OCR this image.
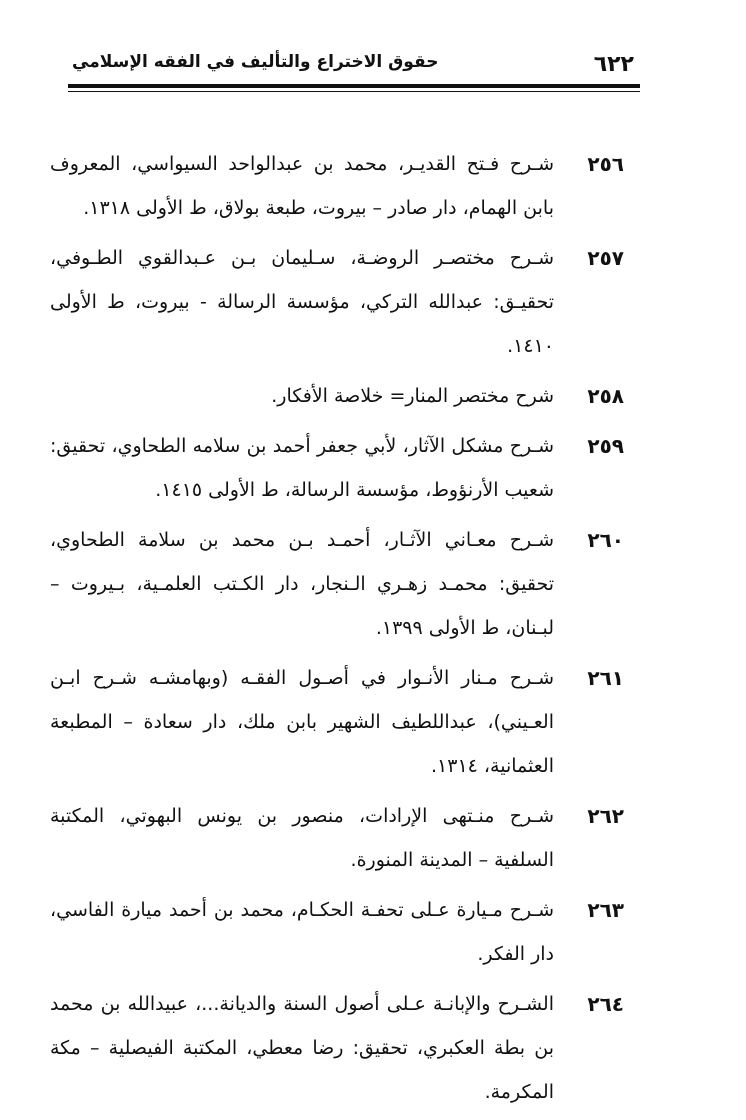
٦٢٢
حقوق الاختراع والتأليف في الفقه الإسلامي
٢٥٦
شـرح فـتح القديـر، محمد بن عبدالواحد السيواسي، المعروف بابن الهمام، دار صادر – بيروت، طبعة بولاق، ط الأولى ١٣١٨.
٢٥٧
شـرح مختصـر الروضـة، سـليمان بـن عـبدالقوي الطـوفي، تحقيـق: عبدالله التركي، مؤسسة الرسالة - بيروت، ط الأولى ١٤١٠.
٢٥٨
شرح مختصر المنار= خلاصة الأفكار.
٢٥٩
شـرح مشكل الآثار، لأبي جعفر أحمد بن سلامه الطحاوي، تحقيق: شعيب الأرنؤوط، مؤسسة الرسالة، ط الأولى ١٤١٥.
٢٦٠
شـرح معـاني الآثـار، أحمـد بـن محمد بن سلامة الطحاوي، تحقيق: محمـد زهـري الـنجار، دار الكـتب العلمـية، بـيروت – لبـنان، ط الأولى ١٣٩٩.
٢٦١
شـرح مـنار الأنـوار في أصـول الفقـه (وبهامشـه شـرح ابـن العـيني)، عبداللطيف الشهير بابن ملك، دار سعادة – المطبعة العثمانية، ١٣١٤.
٢٦٢
شـرح منـتهى الإرادات، منصور بن يونس البهوتي، المكتبة السلفية – المدينة المنورة.
٢٦٣
شـرح مـيارة عـلى تحفـة الحكـام، محمد بن أحمد ميارة الفاسي، دار الفكر.
٢٦٤
الشـرح والإبانـة عـلى أصول السنة والديانة...، عبيدالله بن محمد بن بطة العكبري، تحقيق: رضا معطي، المكتبة الفيصلية – مكة المكرمة.
